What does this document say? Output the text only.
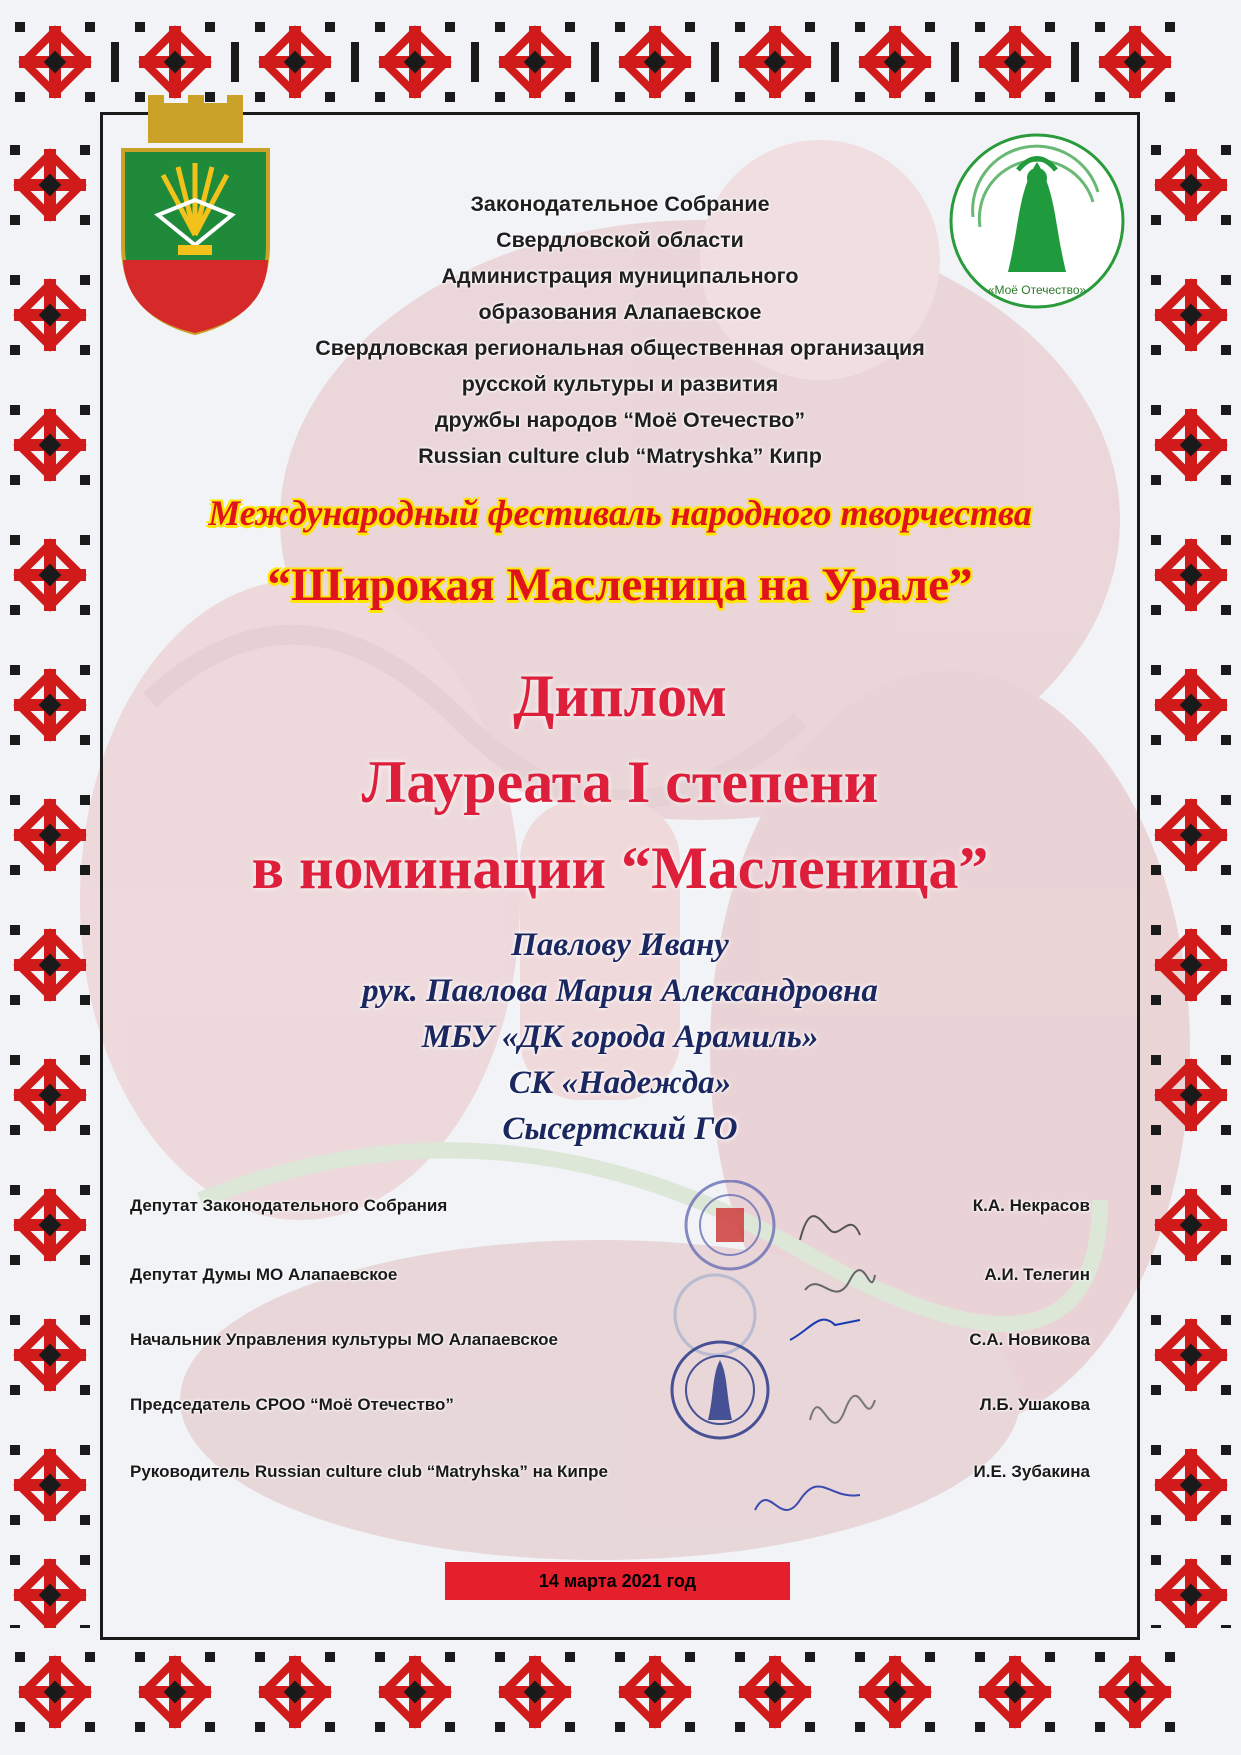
«Моё Отечество»
Законодательное Собрание
Свердловской области
Администрация муниципального
образования Алапаевское
Свердловская региональная общественная организация
русской культуры и развития
дружбы народов “Моё Отечество”
Russian culture club “Matryshka” Кипр
Международный фестиваль народного творчества
“Широкая Масленица на Урале”
Диплом
Лауреата I степени
в номинации “Масленица”
Павлову Ивану
рук. Павлова Мария Александровна
МБУ «ДК города Арамиль»
СК «Надежда»
Сысертский ГО
Депутат Законодательного Собрания	К.А. Некрасов
Депутат Думы МО Алапаевское	А.И. Телегин
Начальник Управления культуры МО Алапаевское	С.А. Новикова
Председатель СРОО “Моё Отечество”	Л.Б. Ушакова
Руководитель Russian culture club “Matryhska” на Кипре	И.Е. Зубакина
14 марта 2021 год
